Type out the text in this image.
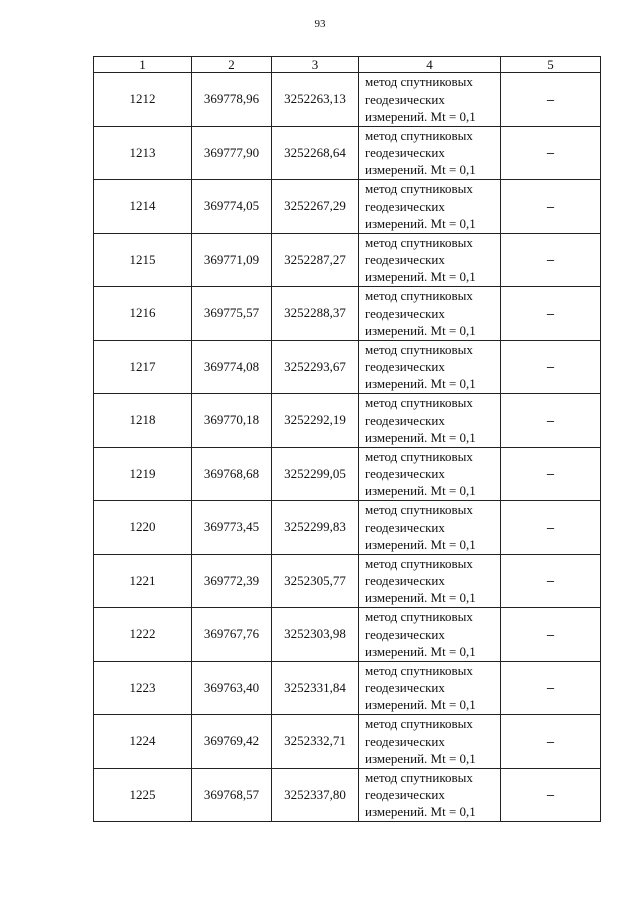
93
1	2	3	4	5
1212	369778,96	3252263,13	метод спутниковых
геодезических
измерений. Mt = 0,1	–
1213	369777,90	3252268,64	метод спутниковых
геодезических
измерений. Mt = 0,1	–
1214	369774,05	3252267,29	метод спутниковых
геодезических
измерений. Mt = 0,1	–
1215	369771,09	3252287,27	метод спутниковых
геодезических
измерений. Mt = 0,1	–
1216	369775,57	3252288,37	метод спутниковых
геодезических
измерений. Mt = 0,1	–
1217	369774,08	3252293,67	метод спутниковых
геодезических
измерений. Mt = 0,1	–
1218	369770,18	3252292,19	метод спутниковых
геодезических
измерений. Mt = 0,1	–
1219	369768,68	3252299,05	метод спутниковых
геодезических
измерений. Mt = 0,1	–
1220	369773,45	3252299,83	метод спутниковых
геодезических
измерений. Mt = 0,1	–
1221	369772,39	3252305,77	метод спутниковых
геодезических
измерений. Mt = 0,1	–
1222	369767,76	3252303,98	метод спутниковых
геодезических
измерений. Mt = 0,1	–
1223	369763,40	3252331,84	метод спутниковых
геодезических
измерений. Mt = 0,1	–
1224	369769,42	3252332,71	метод спутниковых
геодезических
измерений. Mt = 0,1	–
1225	369768,57	3252337,80	метод спутниковых
геодезических
измерений. Mt = 0,1	–
